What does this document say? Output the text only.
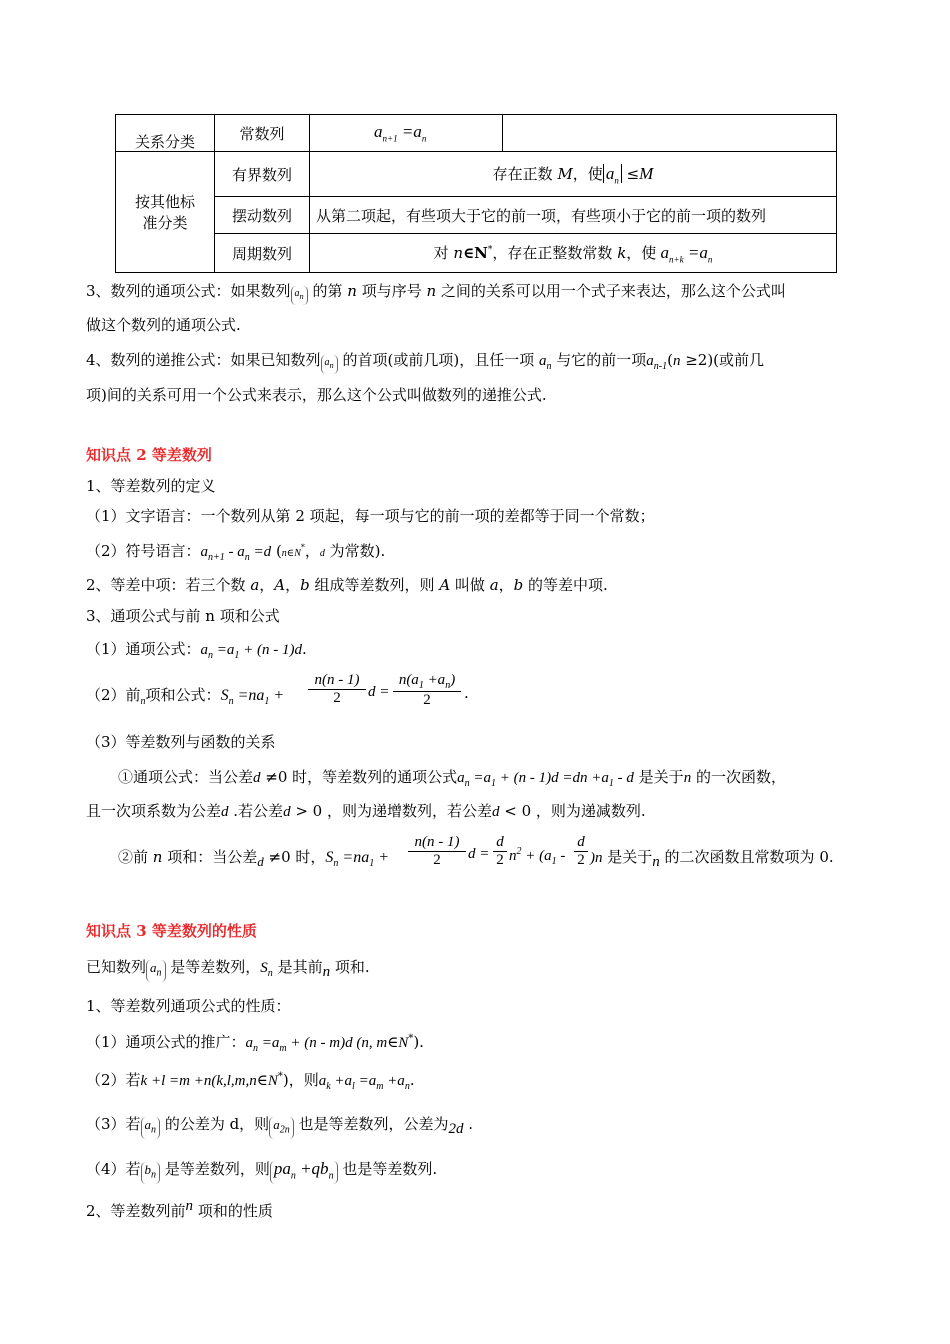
关系分类	常数列	$a_{n+1} =a_n$	
按其他标
准分类	有界数列	存在正数 M，使 $a_n \le M$	
	摆动数列	从第二项起，有些项大于它的前一项，有些项小于它的前一项的数列	
	周期数列	对 n∈N*，存在正整数常数 k，使 $a_{n+k} =a_n$
3、数列的通项公式：如果数列 $a_n$ 的第 n 项与序号 n 之间的关系可以用一个式子来表达，那么这个公式叫
做这个数列的通项公式.
4、数列的递推公式：如果已知数列 $a_n$ 的首项(或前几项)，且任一项 $a_n$ 与它的前一项$a_{n-1}(n \ge 2)$(或前几
项)间的关系可用一个公式来表示，那么这个公式叫做数列的递推公式.
知识点 2 等差数列
1、等差数列的定义
（1）文字语言：一个数列从第 2 项起，每一项与它的前一项的差都等于同一个常数；
（2）符号语言：$a_{n+1} - a_n =d$ (n∈N*，d 为常数).
2、等差中项：若三个数 a，A，b 组成等差数列，则 A 叫做 a，b 的等差中项.
3、通项公式与前 n 项和公式
（1）通项公式：$a_n =a_1 + (n - 1)d$.
（2）前$_n$项和公式：$S_n =na_1$ +
n(n - 1)
2	d =
$n(a_1 +a_n)$
2	.
（3）等差数列与函数的关系
①通项公式：当公差d ≠0 时，等差数列的通项公式$a_n =a_1 + (n - 1)d =dn +a_1 - d$ 是关于n 的一次函数，
且一次项系数为公差d .若公差d > 0 ，则为递增数列，若公差d < 0 ，则为递减数列.
②前 n 项和：当公差$_d$ ≠0 时，$S_n =na_1$ +
n(n - 1)
2	d =
d
2 $n^2 + (a_1$ -
d
2 )n 是关于$_n$ 的二次函数且常数项为 0.
知识点 3 等差数列的性质
已知数列 $a_n$ 是等差数列，$S_n$ 是其前$_n$ 项和.
1、等差数列通项公式的性质：
（1）通项公式的推广：$a_n =a_m + (n - m)d$ (n, m∈N*).
（2）若k +l =m +n(k,l,m,n∈N*)，则$a_k +a_l =a_m +a_n$.
（3）若 $a_n$ 的公差为 d，则 $a_{2n}$ 也是等差数列，公差为$_{2d}$ .
（4）若 $b_n$ 是等差数列，则 $pa_n +qb_n$ 也是等差数列.
2、等差数列前$^n$ 项和的性质
